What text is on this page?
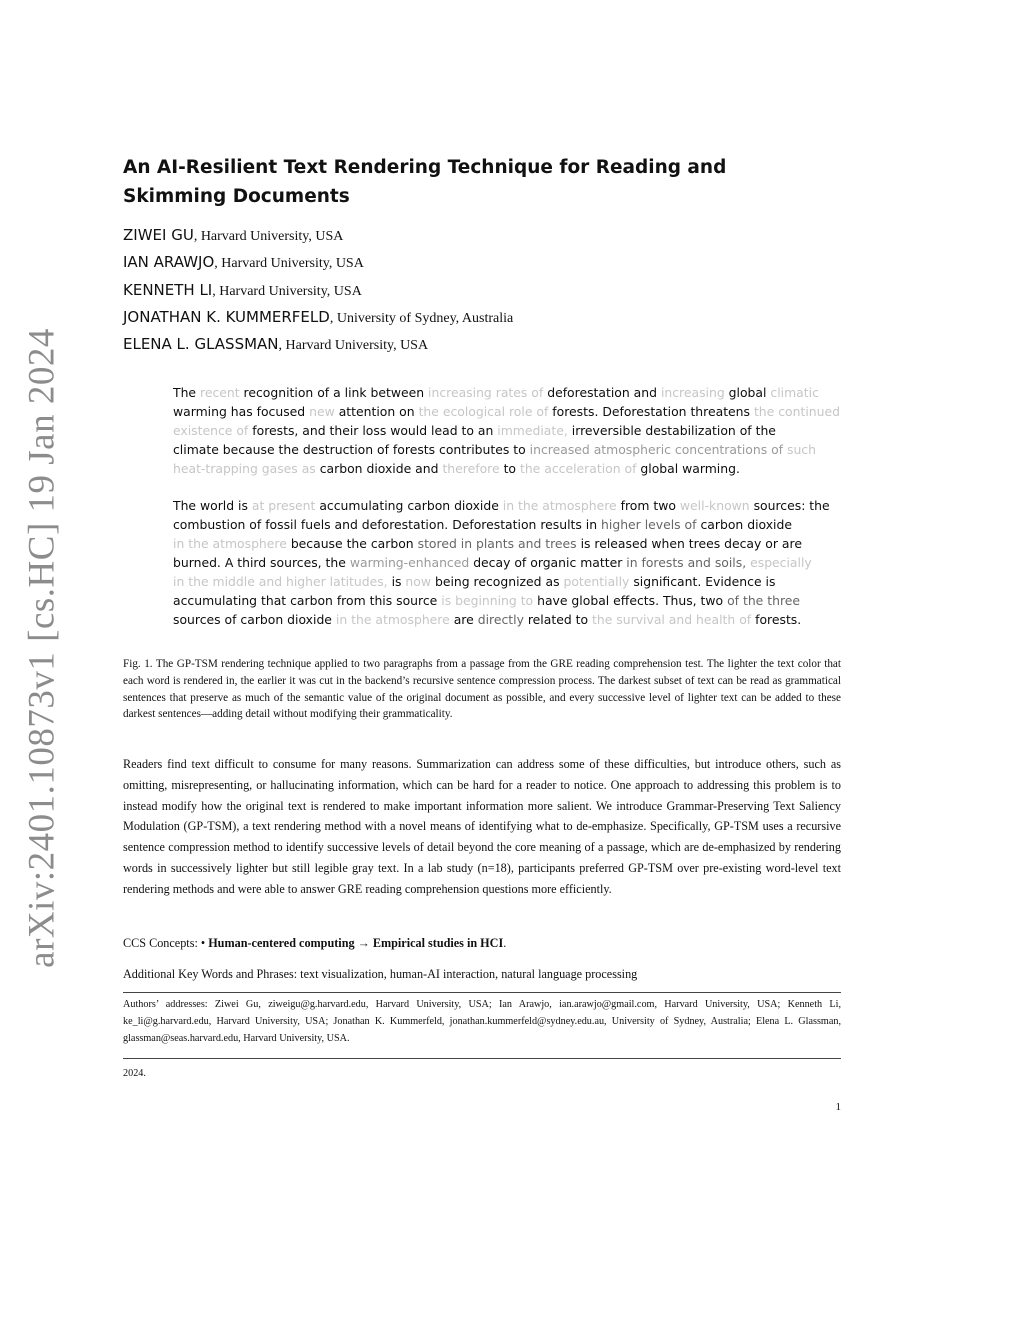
arXiv:2401.10873v1 [cs.HC] 19 Jan 2024
An AI-Resilient Text Rendering Technique for Reading and Skimming Documents
ZIWEI GU, Harvard University, USA
IAN ARAWJO, Harvard University, USA
KENNETH LI, Harvard University, USA
JONATHAN K. KUMMERFELD, University of Sydney, Australia
ELENA L. GLASSMAN, Harvard University, USA
The recent recognition of a link between increasing rates of deforestation and increasing global climatic
warming has focused new attention on the ecological role of forests. Deforestation threatens the continued
existence of forests, and their loss would lead to an immediate, irreversible destabilization of the
climate because the destruction of forests contributes to increased atmospheric concentrations of such
heat-trapping gases as carbon dioxide and therefore to the acceleration of global warming.
The world is at present accumulating carbon dioxide in the atmosphere from two well-known sources: the
combustion of fossil fuels and deforestation. Deforestation results in higher levels of carbon dioxide
in the atmosphere because the carbon stored in plants and trees is released when trees decay or are
burned. A third sources, the warming-enhanced decay of organic matter in forests and soils, especially
in the middle and higher latitudes, is now being recognized as potentially significant. Evidence is
accumulating that carbon from this source is beginning to have global effects. Thus, two of the three
sources of carbon dioxide in the atmosphere are directly related to the survival and health of forests.

Fig. 1. The GP-TSM rendering technique applied to two paragraphs from a passage from the GRE reading comprehension test. The lighter the text color that each word is rendered in, the earlier it was cut in the backend’s recursive sentence compression process. The darkest subset of text can be read as grammatical sentences that preserve as much of the semantic value of the original document as possible, and every successive level of lighter text can be added to these darkest sentences—adding detail without modifying their grammaticality.

Readers find text difficult to consume for many reasons. Summarization can address some of these difficulties, but introduce others, such as omitting, misrepresenting, or hallucinating information, which can be hard for a reader to notice. One approach to addressing this problem is to instead modify how the original text is rendered to make important information more salient. We introduce Grammar-Preserving Text Saliency Modulation (GP-TSM), a text rendering method with a novel means of identifying what to de-emphasize. Specifically, GP-TSM uses a recursive sentence compression method to identify successive levels of detail beyond the core meaning of a passage, which are de-emphasized by rendering words in successively lighter but still legible gray text. In a lab study (n=18), participants preferred GP-TSM over pre-existing word-level text rendering methods and were able to answer GRE reading comprehension questions more efficiently.

CCS Concepts: • Human-centered computing → Empirical studies in HCI.

Additional Key Words and Phrases: text visualization, human-AI interaction, natural language processing

Authors’ addresses: Ziwei Gu, ziweigu@g.harvard.edu, Harvard University, USA; Ian Arawjo, ian.arawjo@gmail.com, Harvard University, USA; Kenneth Li, ke_li@g.harvard.edu, Harvard University, USA; Jonathan K. Kummerfeld, jonathan.kummerfeld@sydney.edu.au, University of Sydney, Australia; Elena L. Glassman, glassman@seas.harvard.edu, Harvard University, USA.

2024.
1
